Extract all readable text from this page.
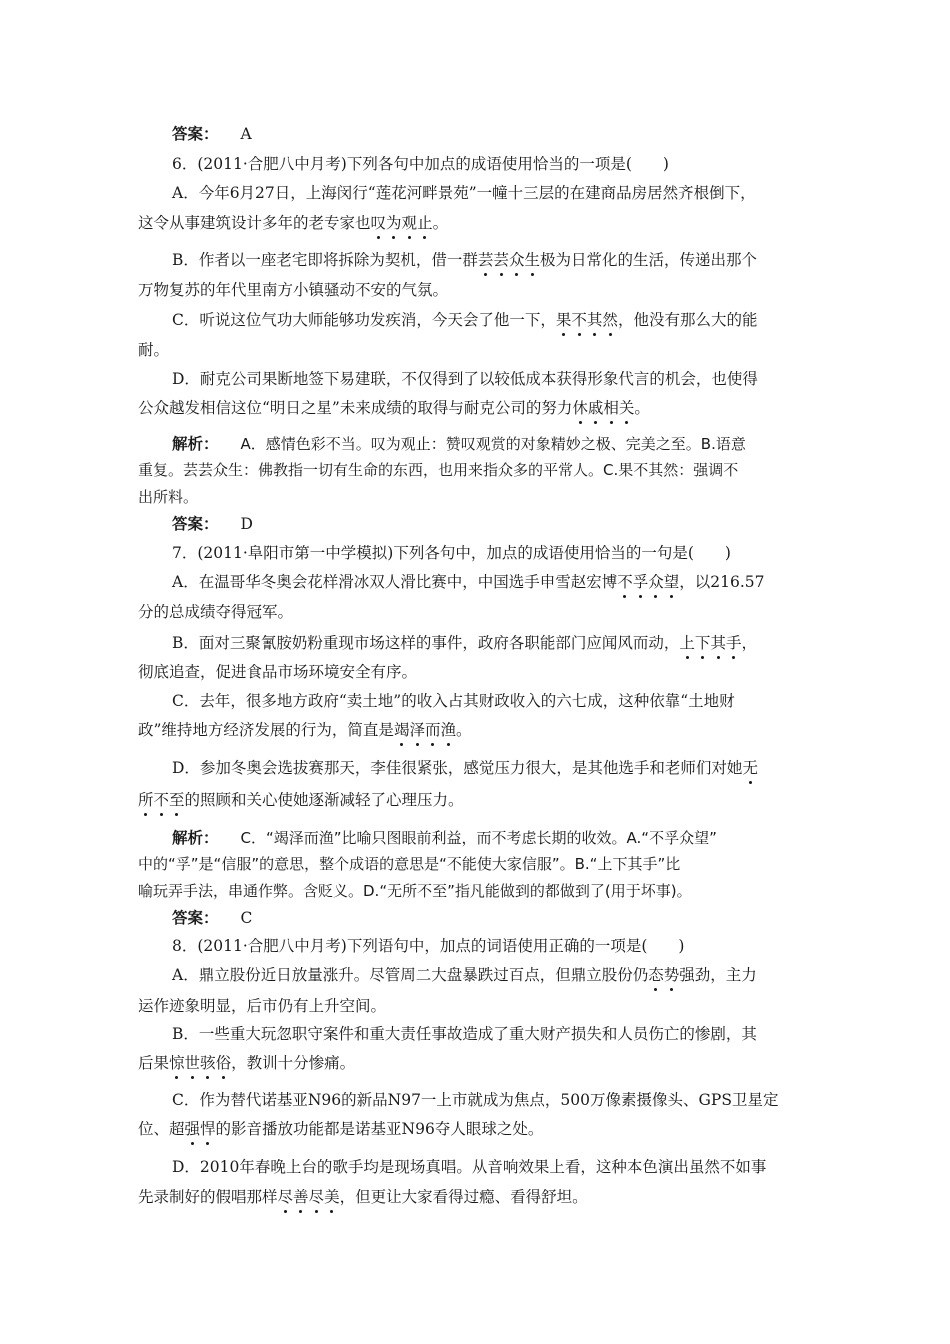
答案： A
6．(2011·合肥八中月考)下列各句中加点的成语使用恰当的一项是(　　)
A．今年6月27日，上海闵行“莲花河畔景苑”一幢十三层的在建商品房居然齐根倒下，
这令从事建筑设计多年的老专家也叹为观止。
B．作者以一座老宅即将拆除为契机，借一群芸芸众生极为日常化的生活，传递出那个
万物复苏的年代里南方小镇骚动不安的气氛。
C．听说这位气功大师能够功发疾消，今天会了他一下，果不其然，他没有那么大的能
耐。
D．耐克公司果断地签下易建联，不仅得到了以较低成本获得形象代言的机会，也使得
公众越发相信这位“明日之星”未来成绩的取得与耐克公司的努力休戚相关。
解析： A．感情色彩不当。叹为观止：赞叹观赏的对象精妙之极、完美之至。B.语意
重复。芸芸众生：佛教指一切有生命的东西，也用来指众多的平常人。C.果不其然：强调不
出所料。
答案： D
7．(2011·阜阳市第一中学模拟)下列各句中，加点的成语使用恰当的一句是(　　)
A．在温哥华冬奥会花样滑冰双人滑比赛中，中国选手申雪赵宏博不孚众望，以216.57
分的总成绩夺得冠军。
B．面对三聚氰胺奶粉重现市场这样的事件，政府各职能部门应闻风而动，上下其手，
彻底追查，促进食品市场环境安全有序。
C．去年，很多地方政府“卖土地”的收入占其财政收入的六七成，这种依靠“土地财
政”维持地方经济发展的行为，简直是竭泽而渔。
D．参加冬奥会选拔赛那天，李佳很紧张，感觉压力很大，是其他选手和老师们对她无
所不至的照顾和关心使她逐渐减轻了心理压力。
解析： C．“竭泽而渔”比喻只图眼前利益，而不考虑长期的收效。A.“不孚众望”
中的“孚”是“信服”的意思，整个成语的意思是“不能使大家信服”。B.“上下其手”比
喻玩弄手法，串通作弊。含贬义。D.“无所不至”指凡能做到的都做到了(用于坏事)。
答案： C
8．(2011·合肥八中月考)下列语句中，加点的词语使用正确的一项是(　　)
A．鼎立股份近日放量涨升。尽管周二大盘暴跌过百点，但鼎立股份仍态势强劲，主力
运作迹象明显，后市仍有上升空间。
B．一些重大玩忽职守案件和重大责任事故造成了重大财产损失和人员伤亡的惨剧，其
后果惊世骇俗，教训十分惨痛。
C．作为替代诺基亚N96的新品N97一上市就成为焦点，500万像素摄像头、GPS卫星定
位、超强悍的影音播放功能都是诺基亚N96夺人眼球之处。
D．2010年春晚上台的歌手均是现场真唱。从音响效果上看，这种本色演出虽然不如事
先录制好的假唱那样尽善尽美，但更让大家看得过瘾、看得舒坦。
